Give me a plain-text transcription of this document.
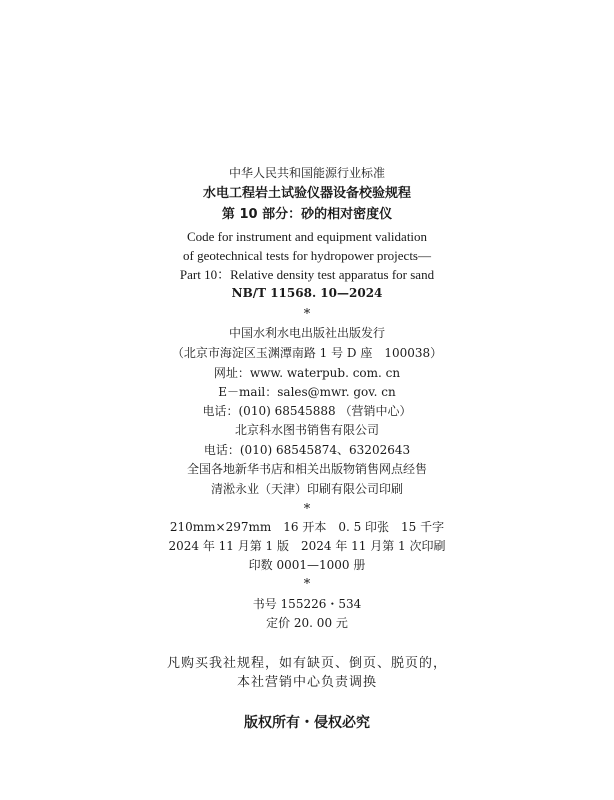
中华人民共和国能源行业标准
水电工程岩土试验仪器设备校验规程
第 10 部分：砂的相对密度仪
Code for instrument and equipment validation
of geotechnical tests for hydropower projects—
Part 10：Relative density test apparatus for sand
NB/T 11568. 10—2024
*
中国水利水电出版社出版发行
（北京市海淀区玉渊潭南路 1 号 D 座　100038）
网址：www. waterpub. com. cn
E－mail：sales@mwr. gov. cn
电话：(010) 68545888 （营销中心）
北京科水图书销售有限公司
电话：(010) 68545874、63202643
全国各地新华书店和相关出版物销售网点经售
清淞永业（天津）印刷有限公司印刷
*
210mm×297mm　16 开本　0. 5 印张　15 千字
2024 年 11 月第 1 版　2024 年 11 月第 1 次印刷
印数 0001—1000 册
*
书号 155226・534
定价 20. 00 元
凡购买我社规程，如有缺页、倒页、脱页的，
本社营销中心负责调换
版权所有・侵权必究
